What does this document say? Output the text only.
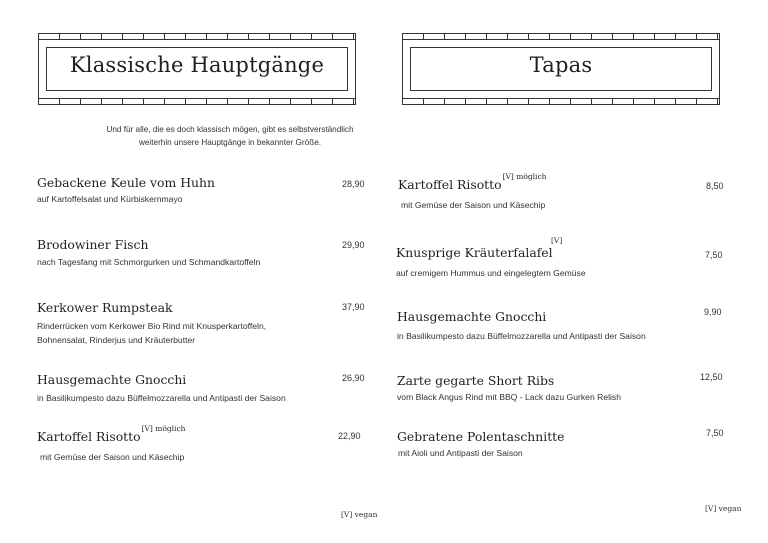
Klassische Hauptgänge	Tapas
Und für alle, die es doch klassisch mögen, gibt es selbstverständlich
weiterhin unsere Hauptgänge in bekannter Größe.
Gebackene Keule vom Huhn
auf Kartoffelsalat und Kürbiskernmayo
28,90
Brodowiner Fisch
nach Tagesfang mit Schmorgurken und Schmandkartoffeln
29,90
Kerkower Rumpsteak
Rinderrücken vom Kerkower Bio Rind mit Knusperkartoffeln,
Bohnensalat, Rinderjus und Kräuterbutter
37,90
Hausgemachte Gnocchi
in Basilikumpesto dazu Büffelmozzarella und Antipasti der Saison
26,90
Kartoffel Risotto$^{[V] möglich}$
mit Gemüse der Saison und Käsechip
22,90
[V] vegan
Kartoffel Risotto$^{[V] möglich}$
mit Gemüse der Saison und Käsechip
8,50
Knusprige Kräuterfalafel
[V]
auf cremigem Hummus und eingelegtem Gemüse
7,50
Hausgemachte Gnocchi
in Basilikumpesto dazu Büffelmozzarella und Antipasti der Saison
9,90
Zarte gegarte Short Ribs
vom Black Angus Rind mit BBQ - Lack dazu Gurken Relish
12,50
Gebratene Polentaschnitte
mit Aioli und Antipasti der Saison
7,50
[V] vegan
